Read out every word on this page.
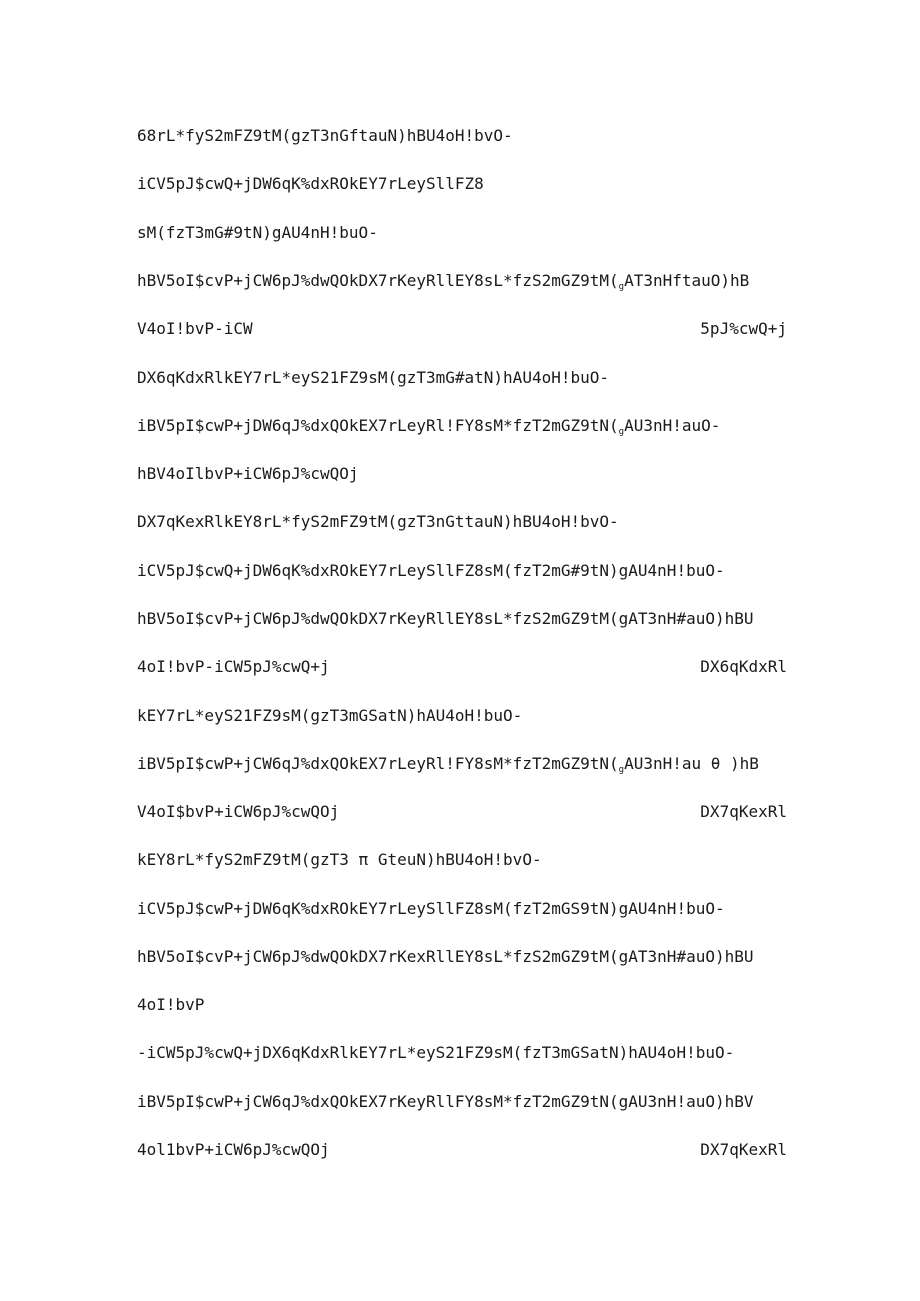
68rL*fyS2mFZ9tM(gzT3nGftauN)hBU4oH!bvO-
iCV5pJ$cwQ+jDW6qK%dxROkEY7rLeySllFZ8
sM(fzT3mG#9tN)gAU4nH!buO-
$hBV5oI\$cvP+jCW6pJ\%dwQOkDX7rKeyRllEY8sL*fzS2mGZ9tM(_gAT3nHftauO)hB$
V4oI!bvP-iCW	5pJ%cwQ+j
DX6qKdxRlkEY7rL*eyS21FZ9sM(gzT3mG#atN)hAU4oH!buO-
$iBV5pI\$cwP+jDW6qJ\%dxQOkEX7rLeyRl!FY8sM*fzT2mGZ9tN(_gAU3nH!auO-$
hBV4oIlbvP+iCW6pJ%cwQOj
DX7qKexRlkEY8rL*fyS2mFZ9tM(gzT3nGttauN)hBU4oH!bvO-
iCV5pJ$cwQ+jDW6qK%dxROkEY7rLeySllFZ8sM(fzT2mG#9tN)gAU4nH!buO-
hBV5oI$cvP+jCW6pJ%dwQOkDX7rKeyRllEY8sL*fzS2mGZ9tM(gAT3nH#auO)hBU
4oI!bvP-iCW5pJ%cwQ+j	DX6qKdxRl
kEY7rL*eyS21FZ9sM(gzT3mGSatN)hAU4oH!buO-
$iBV5pI\$cwP+jCW6qJ\%dxQOkEX7rLeyRl!FY8sM*fzT2mGZ9tN(_gAU3nH!au$ θ )hB
V4oI$bvP+iCW6pJ%cwQOj	DX7qKexRl
kEY8rL*fyS2mFZ9tM(gzT3 π GteuN)hBU4oH!bvO-
iCV5pJ$cwP+jDW6qK%dxROkEY7rLeySllFZ8sM(fzT2mGS9tN)gAU4nH!buO-
hBV5oI$cvP+jCW6pJ%dwQOkDX7rKexRllEY8sL*fzS2mGZ9tM(gAT3nH#auO)hBU
4oI!bvP
-iCW5pJ%cwQ+jDX6qKdxRlkEY7rL*eyS21FZ9sM(fzT3mGSatN)hAU4oH!buO-
iBV5pI$cwP+jCW6qJ%dxQOkEX7rKeyRllFY8sM*fzT2mGZ9tN(gAU3nH!auO)hBV
4ol1bvP+iCW6pJ%cwQOj	DX7qKexRl
